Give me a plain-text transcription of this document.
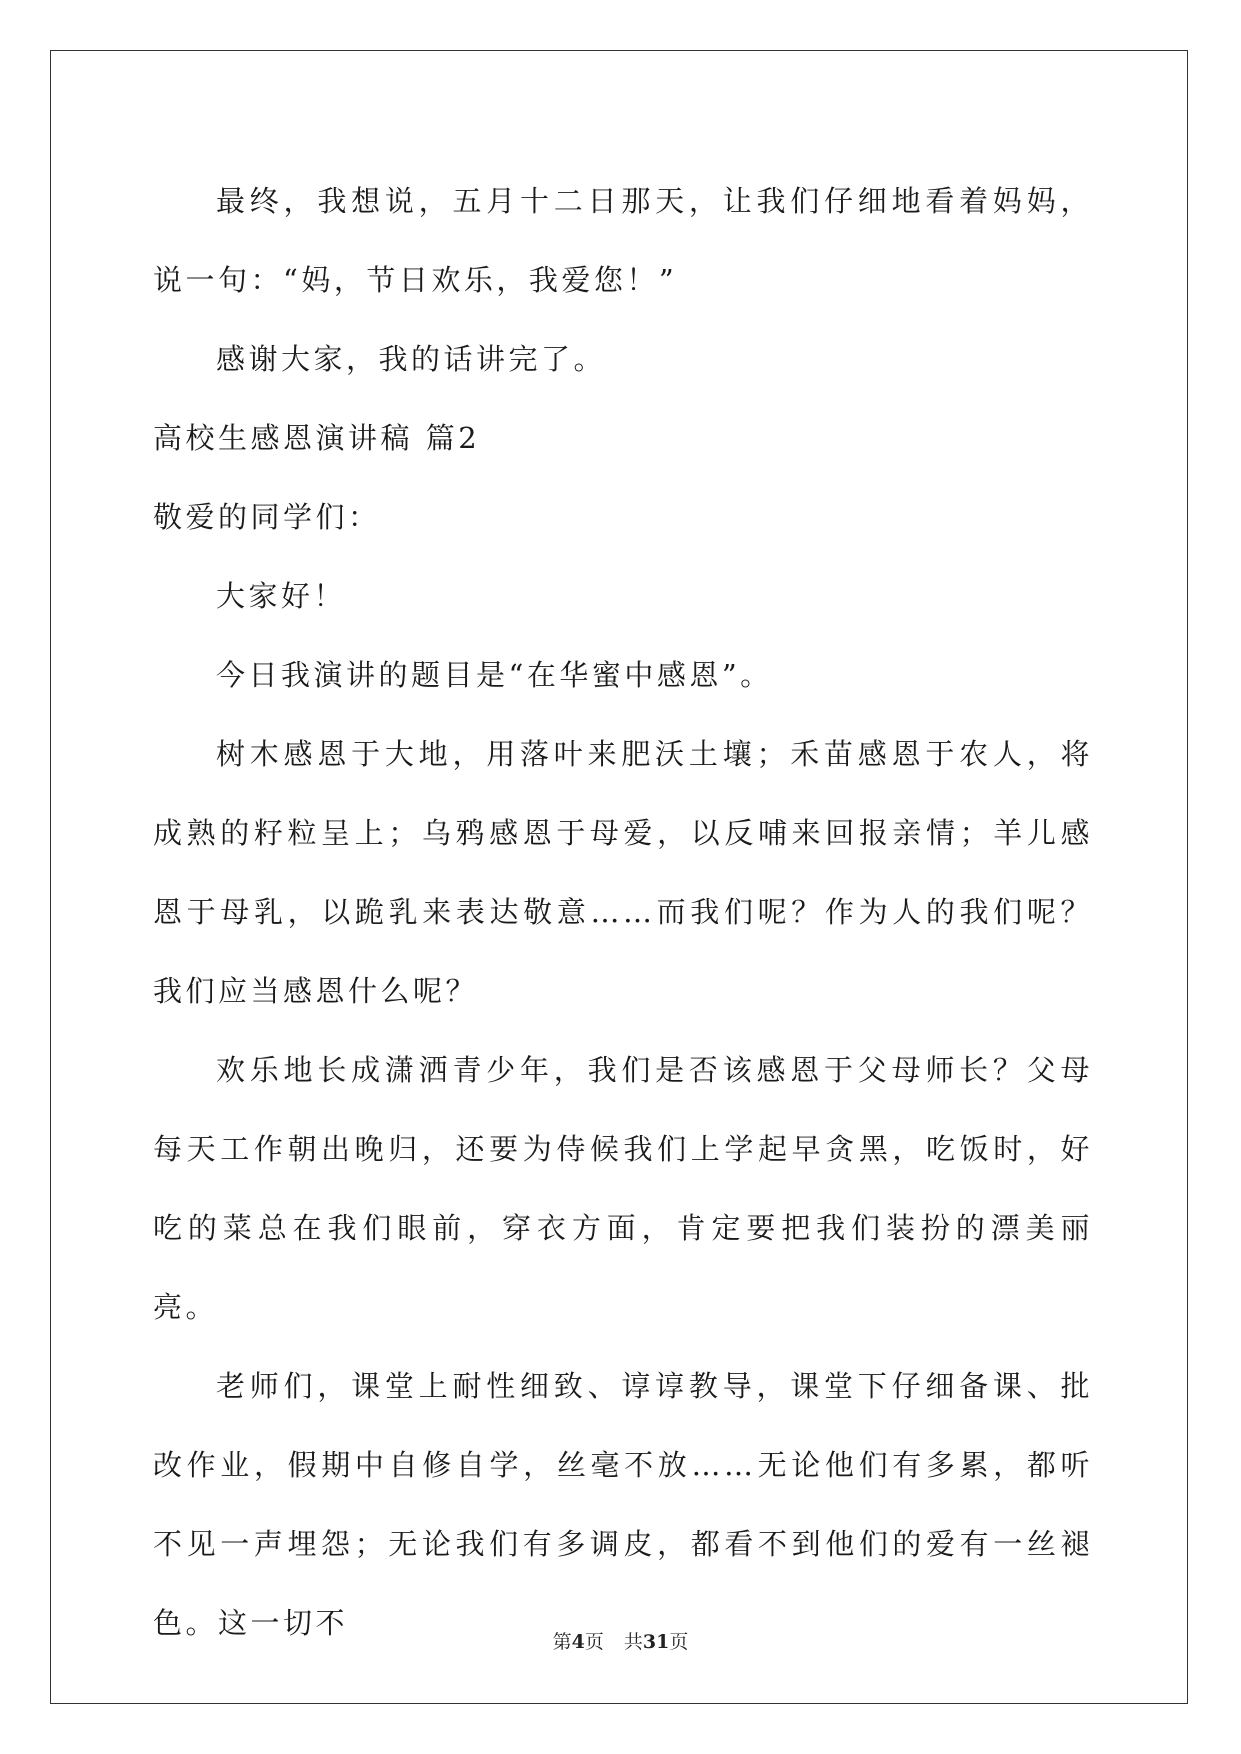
最终，我想说，五月十二日那天，让我们仔细地看着妈妈，说一句：“妈，节日欢乐，我爱您！”

感谢大家，我的话讲完了。

高校生感恩演讲稿 篇2

敬爱的同学们：

大家好！

今日我演讲的题目是“在华蜜中感恩”。

树木感恩于大地，用落叶来肥沃土壤；禾苗感恩于农人，将成熟的籽粒呈上；乌鸦感恩于母爱，以反哺来回报亲情；羊儿感恩于母乳，以跪乳来表达敬意……而我们呢？作为人的我们呢？我们应当感恩什么呢？

欢乐地长成潇洒青少年，我们是否该感恩于父母师长？父母每天工作朝出晚归，还要为侍候我们上学起早贪黑，吃饭时，好吃的菜总在我们眼前，穿衣方面，肯定要把我们装扮的漂美丽亮。

老师们，课堂上耐性细致、谆谆教导，课堂下仔细备课、批改作业，假期中自修自学，丝毫不放……无论他们有多累，都听不见一声埋怨；无论我们有多调皮，都看不到他们的爱有一丝褪色。这一切不

第4页 共31页
